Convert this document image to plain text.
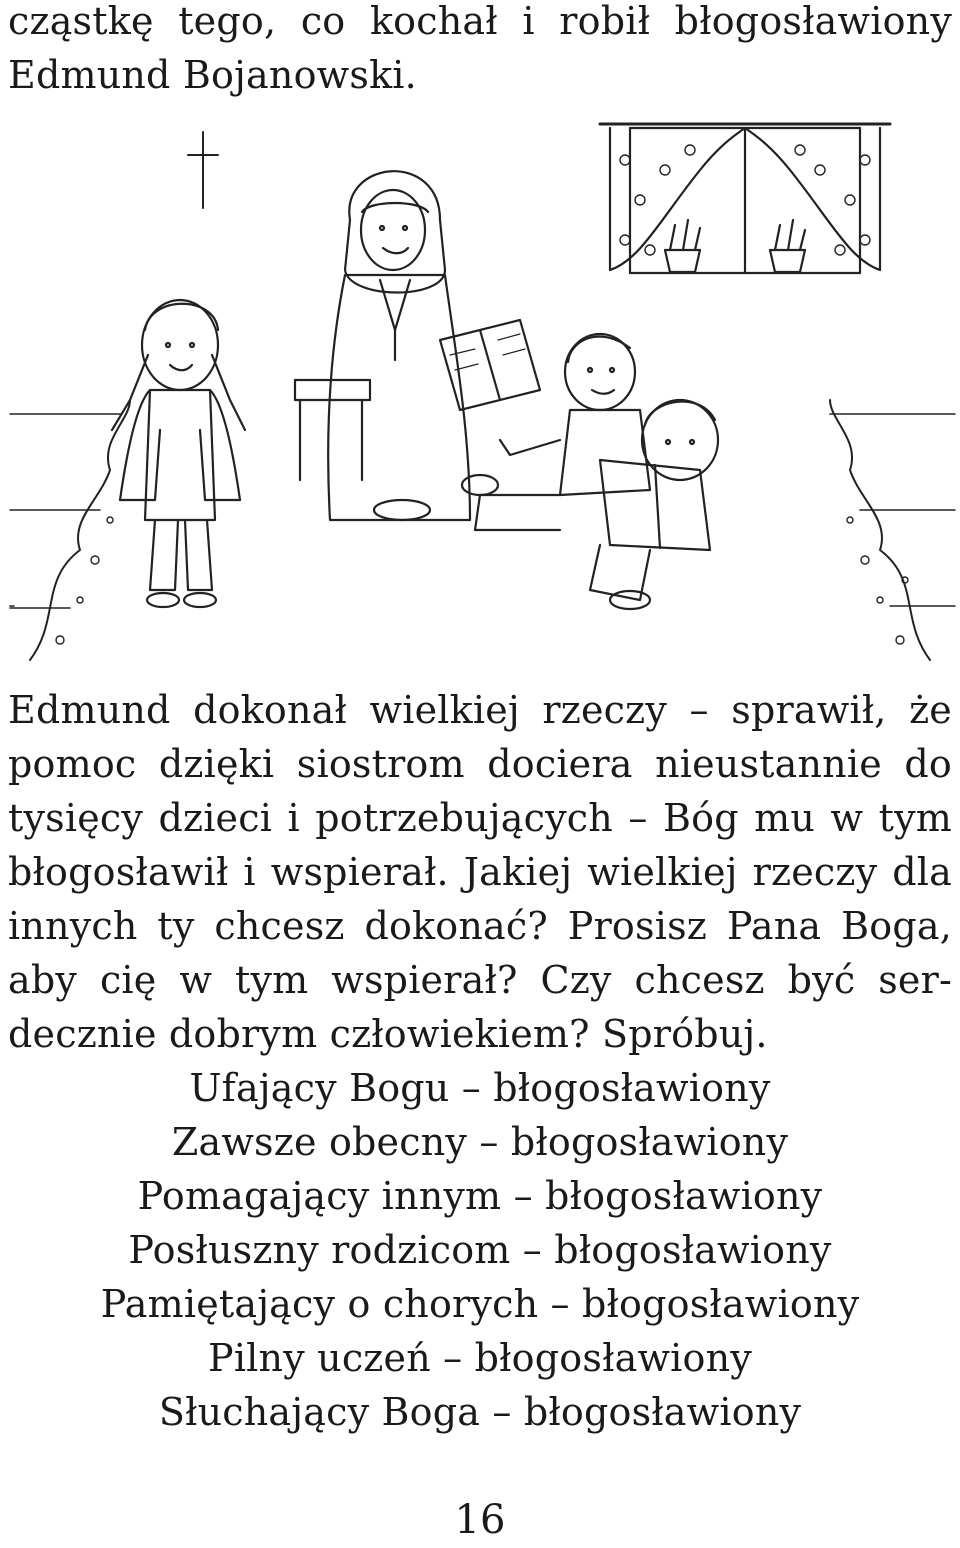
cząstkę tego, co kochał i robił błogosławiony
Edmund Bojanowski.
Edmund dokonał wielkiej rzeczy – sprawił, że
pomoc dzięki siostrom dociera nieustannie do
tysięcy dzieci i potrzebujących – Bóg mu w tym
błogosławił i wspierał. Jakiej wielkiej rzeczy dla
innych ty chcesz dokonać? Prosisz Pana Boga,
aby cię w tym wspierał? Czy chcesz być ser-
decznie dobrym człowiekiem? Spróbuj.
Ufający Bogu – błogosławiony
Zawsze obecny – błogosławiony
Pomagający innym – błogosławiony
Posłuszny rodzicom – błogosławiony
Pamiętający o chorych – błogosławiony
Pilny uczeń – błogosławiony
Słuchający Boga – błogosławiony
16
